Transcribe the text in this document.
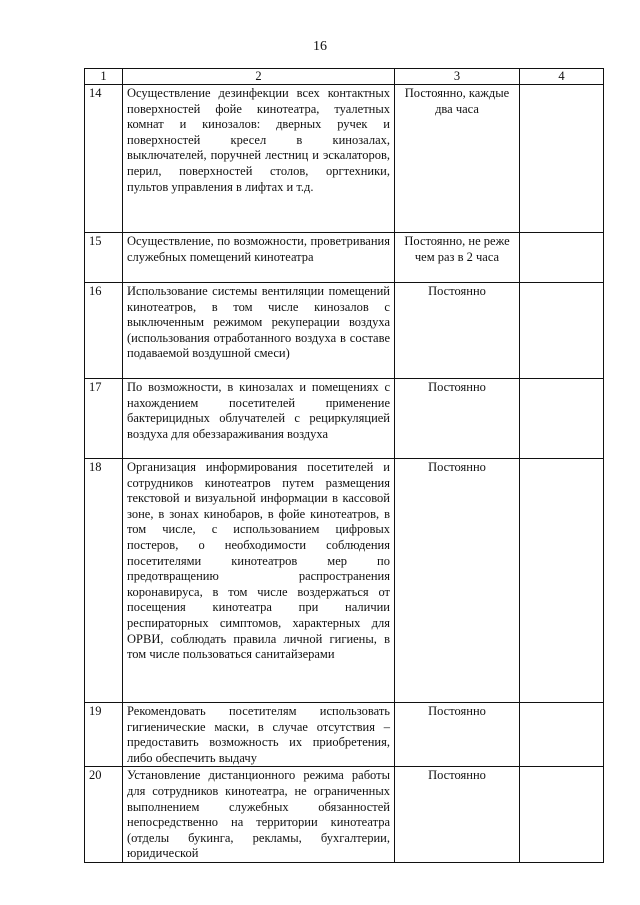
16
1	2	3	4
14	Осуществление дезинфекции всех контактных поверхностей фойе кинотеатра, туалетных комнат и кинозалов: дверных ручек и поверхностей кресел в кинозалах, выключателей, поручней лестниц и эскалаторов, перил, поверхностей столов, оргтехники, пультов управления в лифтах и т.д.	Постоянно, каждые два часа	
15	Осуществление, по возможности, проветривания служебных помещений кинотеатра	Постоянно, не реже чем раз в 2 часа	
16	Использование системы вентиляции помещений кинотеатров, в том числе кинозалов с выключенным режимом рекуперации воздуха (использования отработанного воздуха в составе подаваемой воздушной смеси)	Постоянно	
17	По возможности, в кинозалах и помещениях с нахождением посетителей применение бактерицидных облучателей с рециркуляцией воздуха для обеззараживания воздуха	Постоянно	
18	Организация информирования посетителей и сотрудников кинотеатров путем размещения текстовой и визуальной информации в кассовой зоне, в зонах кинобаров, в фойе кинотеатров, в том числе, с использованием цифровых постеров, о необходимости соблюдения посетителями кинотеатров мер по предотвращению распространения коронавируса, в том числе воздержаться от посещения кинотеатра при наличии респираторных симптомов, характерных для ОРВИ, соблюдать правила личной гигиены, в том числе пользоваться санитайзерами	Постоянно	
19	Рекомендовать посетителям использовать гигиенические маски, в случае отсутствия – предоставить возможность их приобретения, либо обеспечить выдачу	Постоянно	
20	Установление дистанционного режима работы для сотрудников кинотеатра, не ограниченных выполнением служебных обязанностей непосредственно на территории кинотеатра (отделы букинга, рекламы, бухгалтерии, юридической	Постоянно	
